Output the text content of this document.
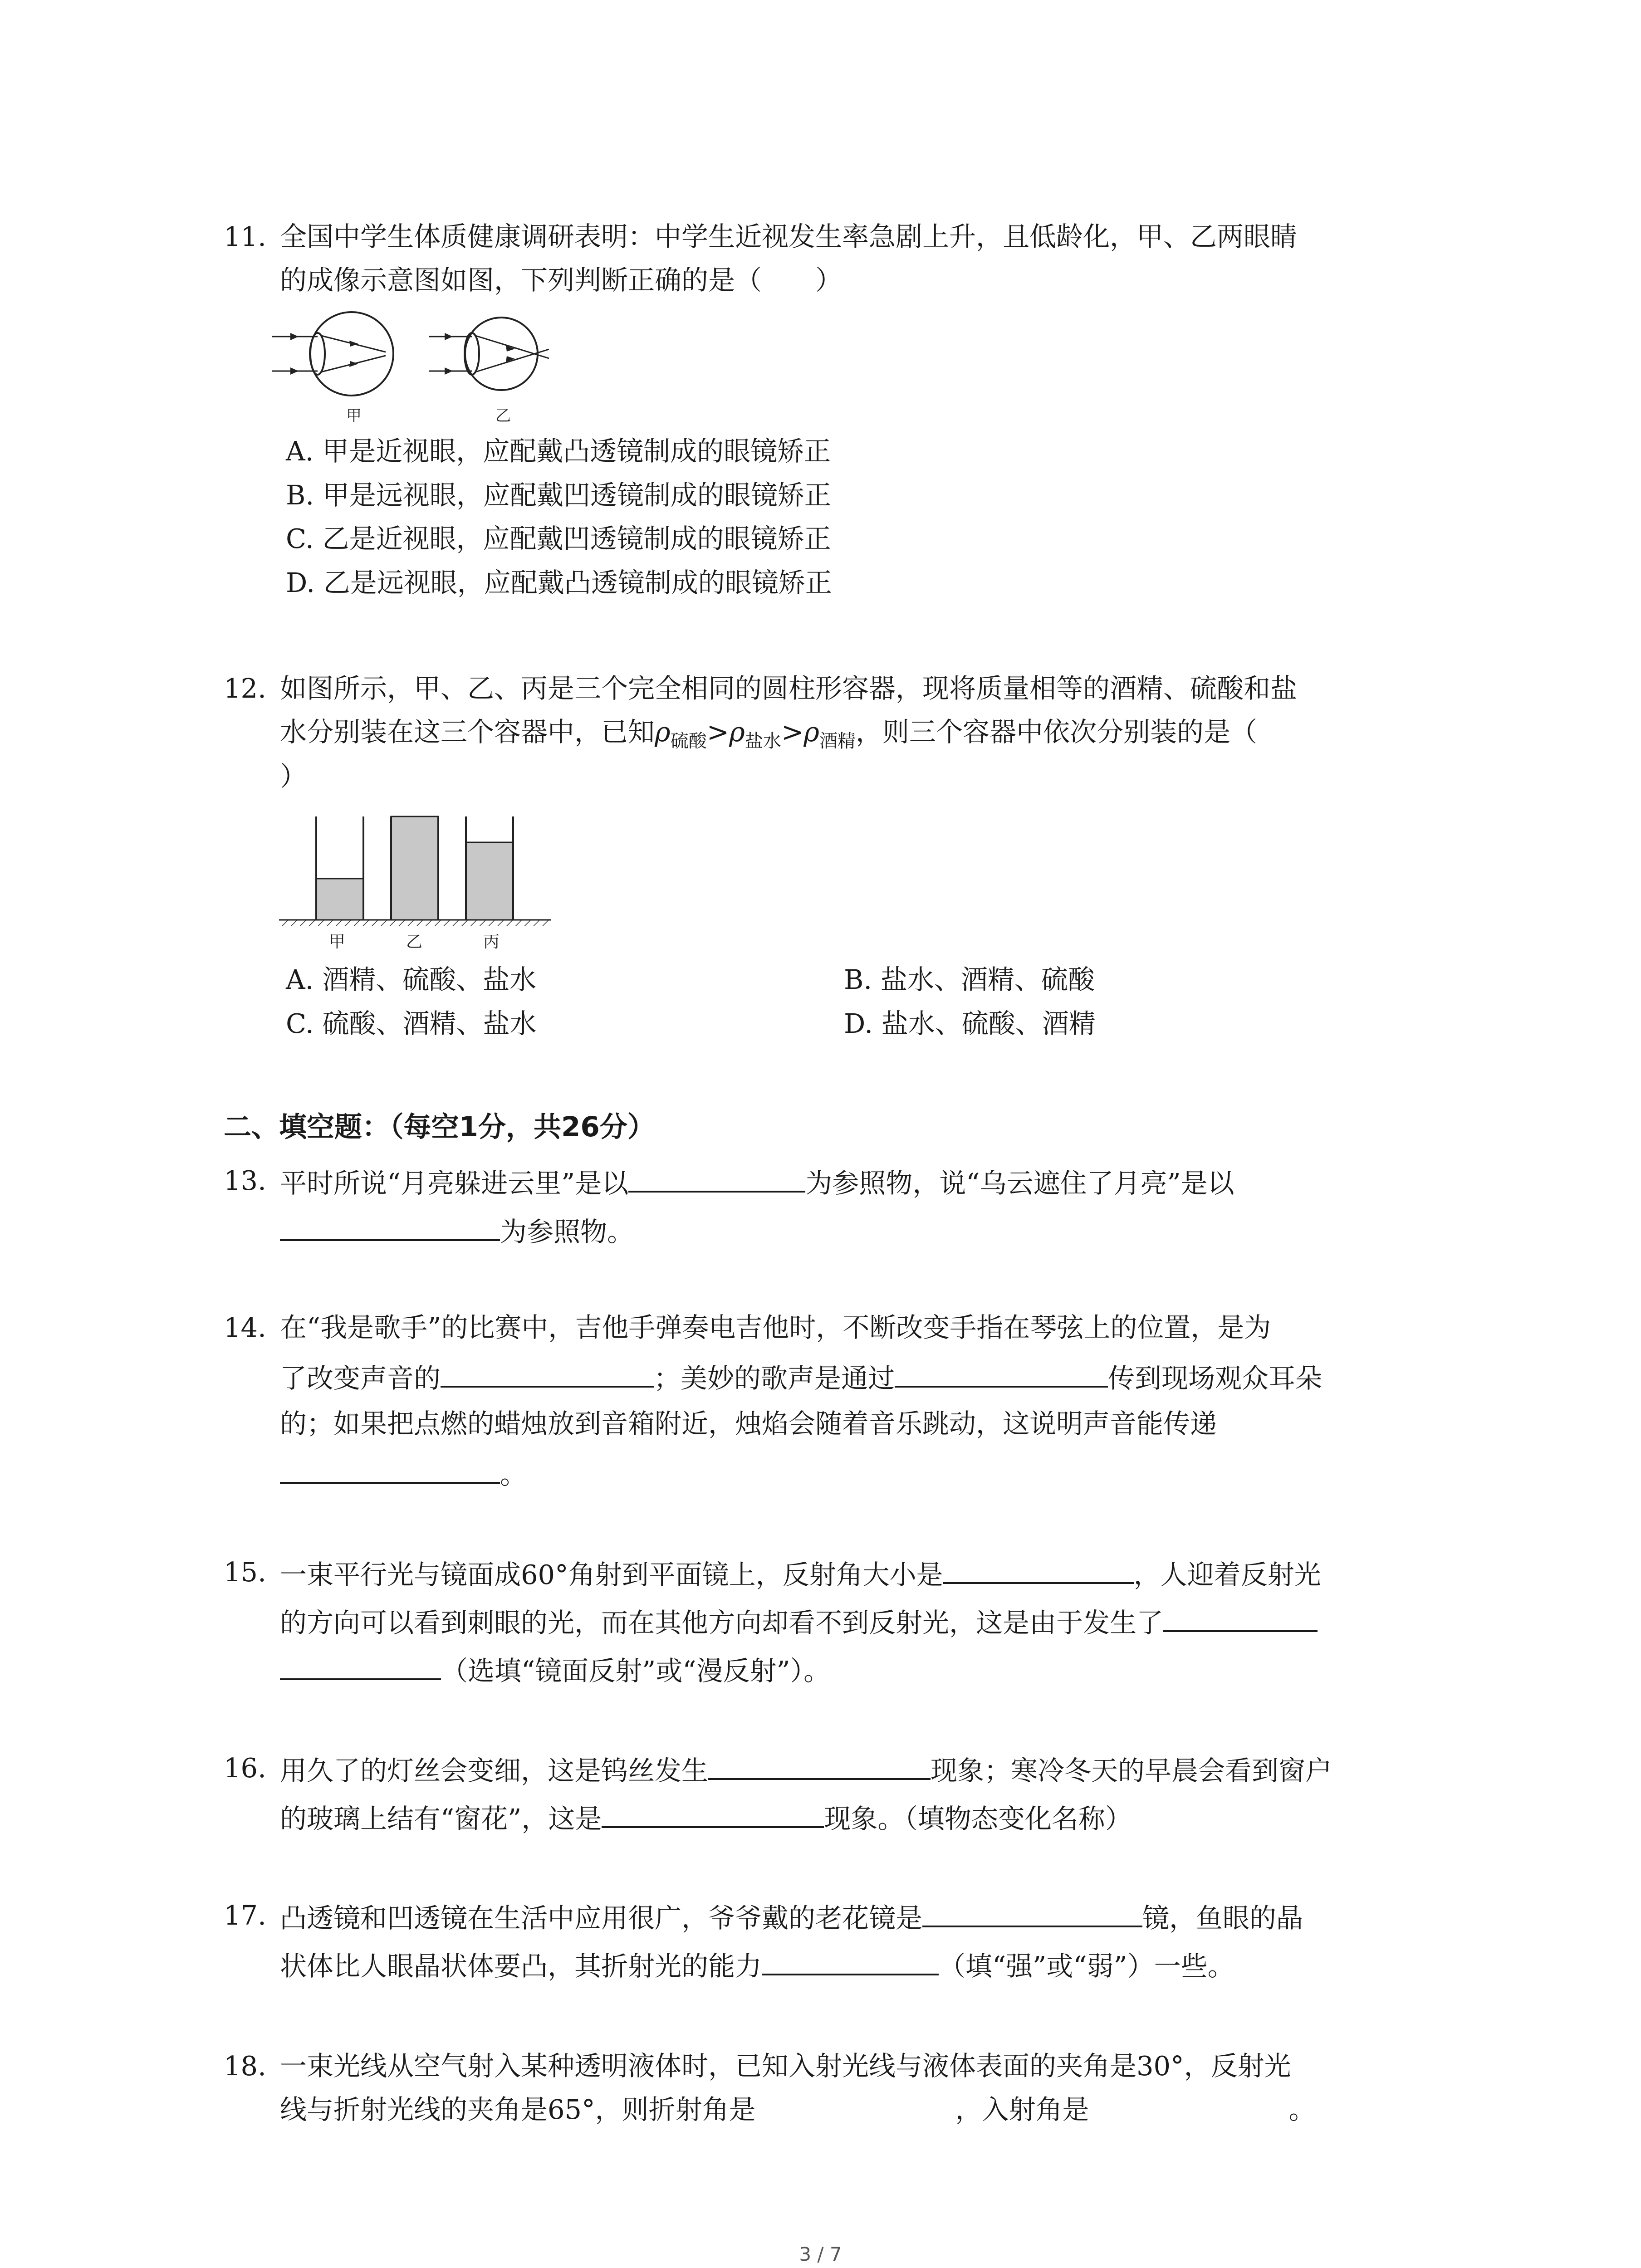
11. 全国中学生体质健康调研表明：中学生近视发生率急剧上升，且低龄化，甲、乙两眼睛
的成像示意图如图，下列判断正确的是（　　）
甲	乙
A. 甲是近视眼，应配戴凸透镜制成的眼镜矫正
B. 甲是远视眼，应配戴凹透镜制成的眼镜矫正
C. 乙是近视眼，应配戴凹透镜制成的眼镜矫正
D. 乙是远视眼，应配戴凸透镜制成的眼镜矫正
12. 如图所示，甲、乙、丙是三个完全相同的圆柱形容器，现将质量相等的酒精、硫酸和盐
水分别装在这三个容器中，已知$\rho_{硫酸}>\rho_{盐水}>\rho_{酒精}$，则三个容器中依次分别装的是（
）
甲	乙	丙
A. 酒精、硫酸、盐水	B. 盐水、酒精、硫酸
C. 硫酸、酒精、盐水	D. 盐水、硫酸、酒精
二、填空题：（每空1分，共26分）
13. 平时所说“月亮躲进云里”是以	为参照物，说“乌云遮住了月亮”是以
为参照物。
14. 在“我是歌手”的比赛中，吉他手弹奏电吉他时，不断改变手指在琴弦上的位置，是为
了改变声音的	；美妙的歌声是通过	传到现场观众耳朵
的；如果把点燃的蜡烛放到音箱附近，烛焰会随着音乐跳动，这说明声音能传递
。
15. 一束平行光与镜面成60°角射到平面镜上，反射角大小是	，人迎着反射光
的方向可以看到刺眼的光，而在其他方向却看不到反射光，这是由于发生了
（选填“镜面反射”或“漫反射”）。
16. 用久了的灯丝会变细，这是钨丝发生	现象；寒冷冬天的早晨会看到窗户
的玻璃上结有“窗花”，这是	现象。（填物态变化名称）
17. 凸透镜和凹透镜在生活中应用很广，爷爷戴的老花镜是	镜，鱼眼的晶
状体比人眼晶状体要凸，其折射光的能力	（填“强”或“弱”）一些。
18. 一束光线从空气射入某种透明液体时，已知入射光线与液体表面的夹角是30°，反射光
线与折射光线的夹角是65°，则折射角是	，入射角是	。
3 / 7
